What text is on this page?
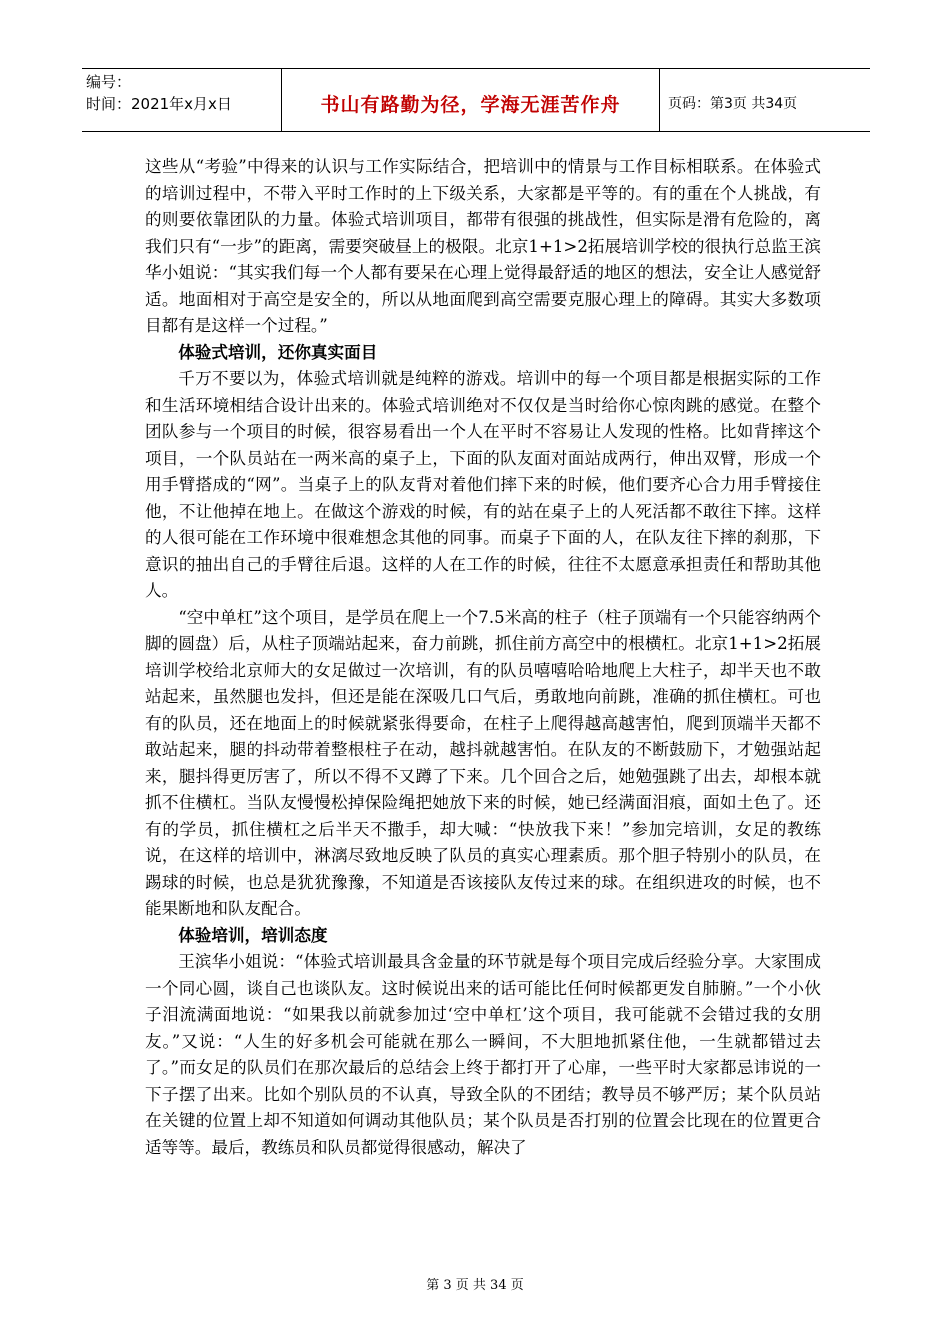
编号：
时间：2021年x月x日	书山有路勤为径，学海无涯苦作舟	页码：第3页 共34页

这些从“考验”中得来的认识与工作实际结合，把培训中的情景与工作目标相联系。在体验式的培训过程中，不带入平时工作时的上下级关系，大家都是平等的。有的重在个人挑战，有的则要依靠团队的力量。体验式培训项目，都带有很强的挑战性，但实际是滑有危险的，离我们只有“一步”的距离，需要突破昼上的极限。北京1+1>2拓展培训学校的很执行总监王滨华小姐说：“其实我们每一个人都有要呆在心理上觉得最舒适的地区的想法，安全让人感觉舒适。地面相对于高空是安全的，所以从地面爬到高空需要克服心理上的障碍。其实大多数项目都有是这样一个过程。”

体验式培训，还你真实面目

千万不要以为，体验式培训就是纯粹的游戏。培训中的每一个项目都是根据实际的工作和生活环境相结合设计出来的。体验式培训绝对不仅仅是当时给你心惊肉跳的感觉。在整个团队参与一个项目的时候，很容易看出一个人在平时不容易让人发现的性格。比如背摔这个项目，一个队员站在一两米高的桌子上，下面的队友面对面站成两行，伸出双臂，形成一个用手臂搭成的“网”。当桌子上的队友背对着他们摔下来的时候，他们要齐心合力用手臂接住他，不让他掉在地上。在做这个游戏的时候，有的站在桌子上的人死活都不敢往下摔。这样的人很可能在工作环境中很难想念其他的同事。而桌子下面的人，在队友往下摔的刹那，下意识的抽出自己的手臂往后退。这样的人在工作的时候，往往不太愿意承担责任和帮助其他人。

“空中单杠”这个项目，是学员在爬上一个7.5米高的柱子（柱子顶端有一个只能容纳两个脚的圆盘）后，从柱子顶端站起来，奋力前跳，抓住前方高空中的根横杠。北京1+1>2拓展培训学校给北京师大的女足做过一次培训，有的队员嘻嘻哈哈地爬上大柱子，却半天也不敢站起来，虽然腿也发抖，但还是能在深吸几口气后，勇敢地向前跳，准确的抓住横杠。可也有的队员，还在地面上的时候就紧张得要命，在柱子上爬得越高越害怕，爬到顶端半天都不敢站起来，腿的抖动带着整根柱子在动，越抖就越害怕。在队友的不断鼓励下，才勉强站起来，腿抖得更厉害了，所以不得不又蹲了下来。几个回合之后，她勉强跳了出去，却根本就抓不住横杠。当队友慢慢松掉保险绳把她放下来的时候，她已经满面泪痕，面如土色了。还有的学员，抓住横杠之后半天不撒手，却大喊：“快放我下来！”参加完培训，女足的教练说，在这样的培训中，淋漓尽致地反映了队员的真实心理素质。那个胆子特别小的队员，在踢球的时候，也总是犹犹豫豫，不知道是否该接队友传过来的球。在组织进攻的时候，也不能果断地和队友配合。

体验培训，培训态度

王滨华小姐说：“体验式培训最具含金量的环节就是每个项目完成后经验分享。大家围成一个同心圆，谈自己也谈队友。这时候说出来的话可能比任何时候都更发自肺腑。”一个小伙子泪流满面地说：“如果我以前就参加过‘空中单杠’这个项目，我可能就不会错过我的女朋友。”又说：“人生的好多机会可能就在那么一瞬间，不大胆地抓紧住他，一生就都错过去了。”而女足的队员们在那次最后的总结会上终于都打开了心扉，一些平时大家都忌讳说的一下子摆了出来。比如个别队员的不认真，导致全队的不团结；教导员不够严厉；某个队员站在关键的位置上却不知道如何调动其他队员；某个队员是否打别的位置会比现在的位置更合适等等。最后，教练员和队员都觉得很感动，解决了

第 3 页 共 34 页
